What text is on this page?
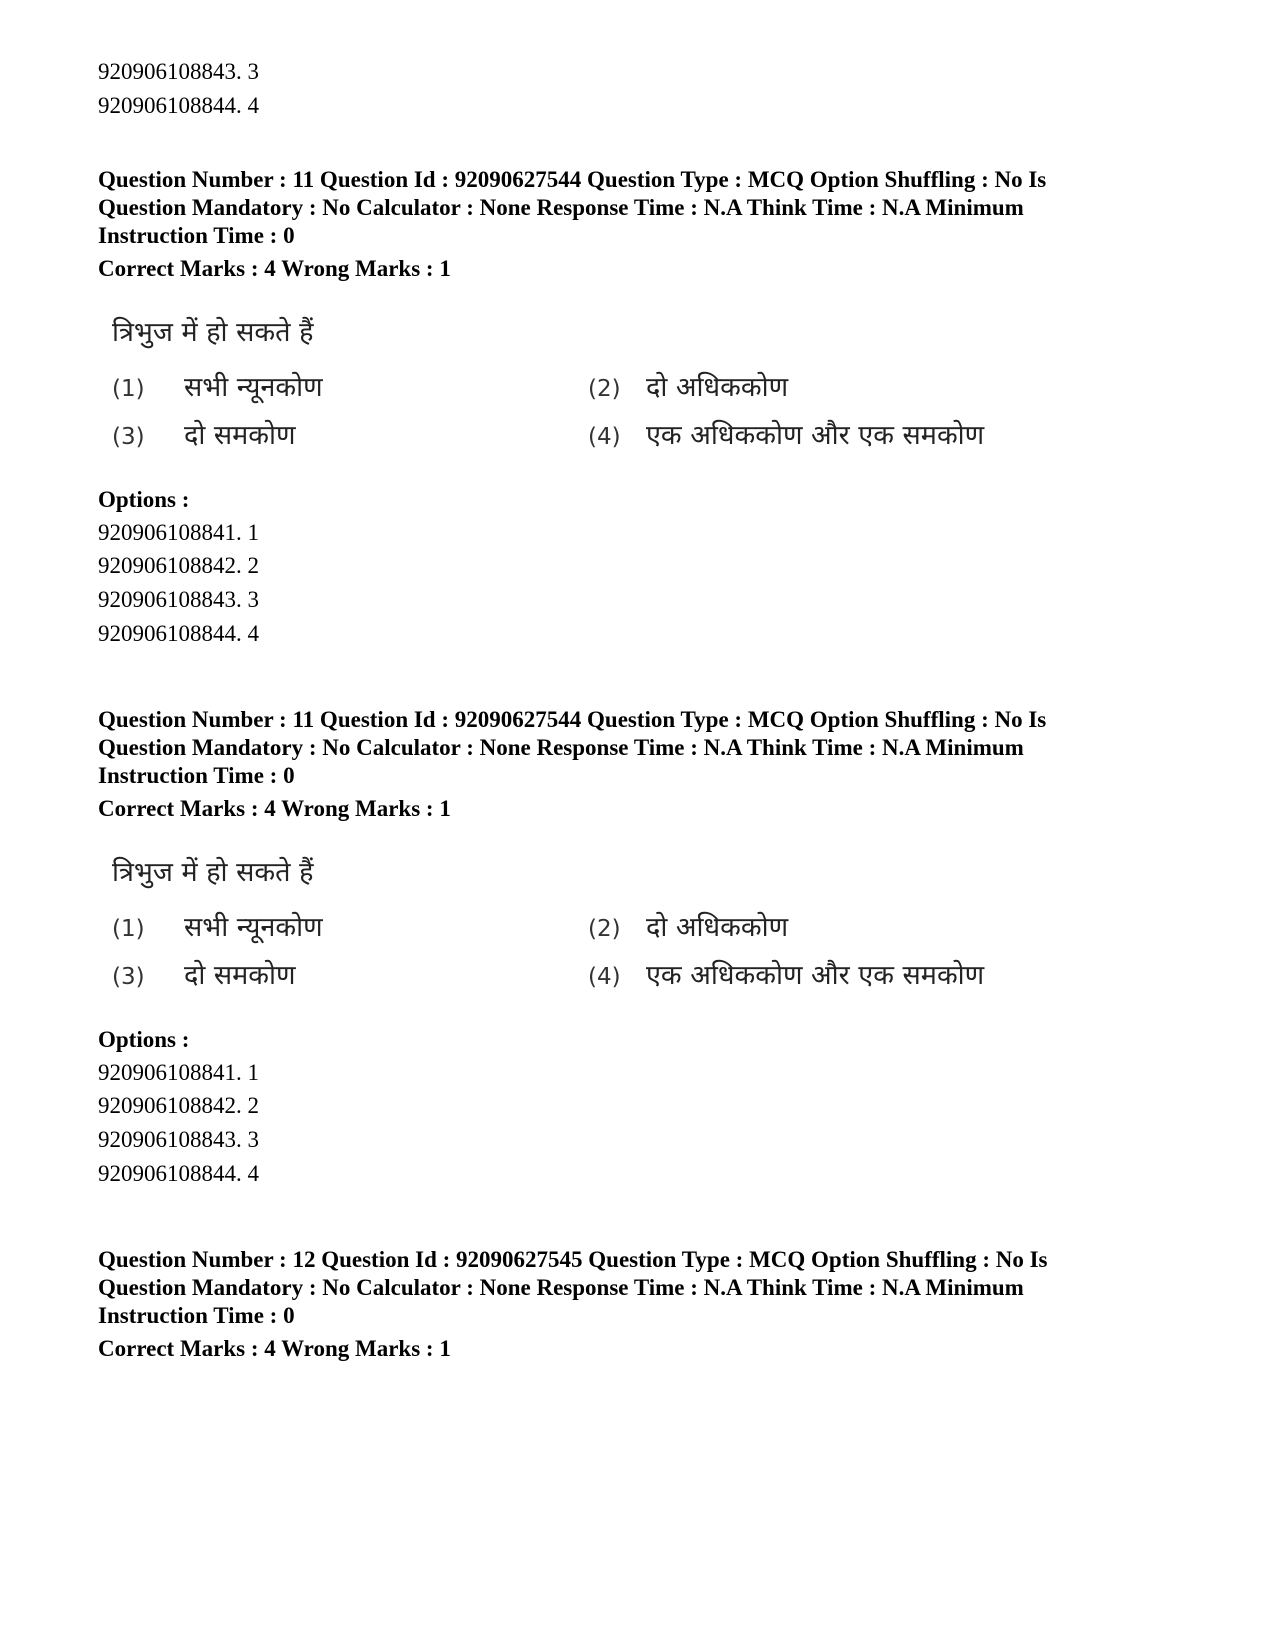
920906108843. 3
920906108844. 4
Question Number : 11 Question Id : 92090627544 Question Type : MCQ Option Shuffling : No Is
Question Mandatory : No Calculator : None Response Time : N.A Think Time : N.A Minimum
Instruction Time : 0
Correct Marks : 4 Wrong Marks : 1
त्रिभुज में हो सकते हैं
(1) सभी न्यूनकोण	(2) दो अधिककोण
(3) दो समकोण	(4) एक अधिककोण और एक समकोण
Options :
920906108841. 1
920906108842. 2
920906108843. 3
920906108844. 4
Question Number : 11 Question Id : 92090627544 Question Type : MCQ Option Shuffling : No Is
Question Mandatory : No Calculator : None Response Time : N.A Think Time : N.A Minimum
Instruction Time : 0
Correct Marks : 4 Wrong Marks : 1
त्रिभुज में हो सकते हैं
(1) सभी न्यूनकोण	(2) दो अधिककोण
(3) दो समकोण	(4) एक अधिककोण और एक समकोण
Options :
920906108841. 1
920906108842. 2
920906108843. 3
920906108844. 4
Question Number : 12 Question Id : 92090627545 Question Type : MCQ Option Shuffling : No Is
Question Mandatory : No Calculator : None Response Time : N.A Think Time : N.A Minimum
Instruction Time : 0
Correct Marks : 4 Wrong Marks : 1
